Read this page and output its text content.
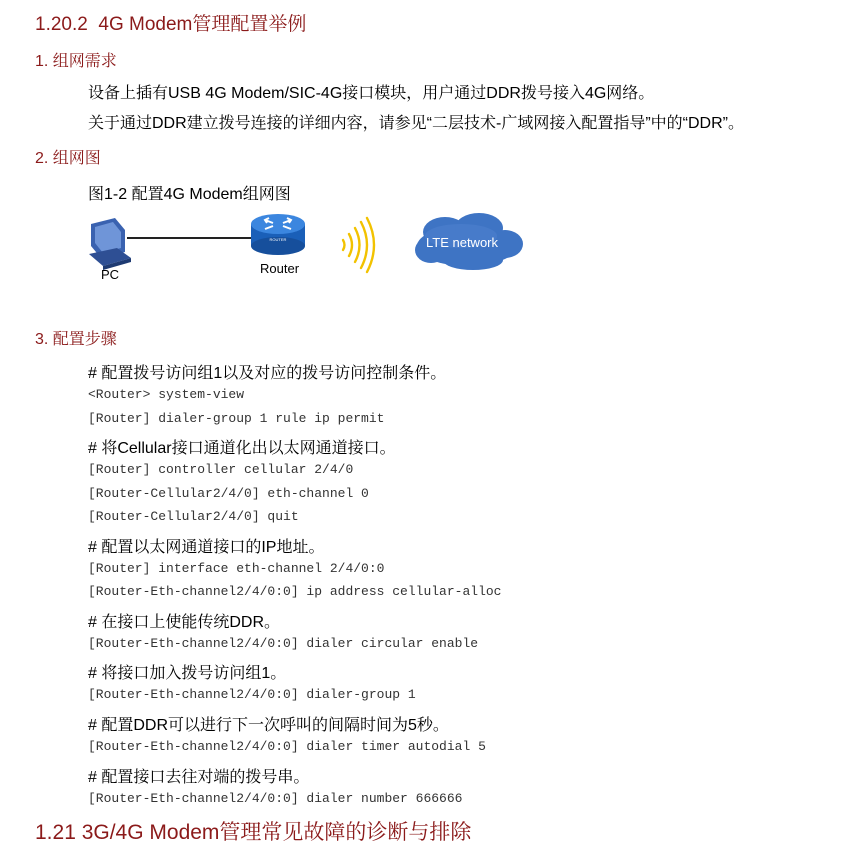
1.20.2 4G Modem管理配置举例
1. 组网需求
设备上插有USB 4G Modem/SIC-4G接口模块，用户通过DDR拨号接入4G网络。
关于通过DDR建立拨号连接的详细内容，请参见“二层技术-广域网接入配置指导”中的“DDR”。
2. 组网图
图1-2 配置4G Modem组网图
PC
ROUTER
Router
LTE network
3. 配置步骤
# 配置拨号访问组1以及对应的拨号访问控制条件。
<Router> system-view
[Router] dialer-group 1 rule ip permit
# 将Cellular接口通道化出以太网通道接口。
[Router] controller cellular 2/4/0
[Router-Cellular2/4/0] eth-channel 0
[Router-Cellular2/4/0] quit
# 配置以太网通道接口的IP地址。
[Router] interface eth-channel 2/4/0:0
[Router-Eth-channel2/4/0:0] ip address cellular-alloc
# 在接口上使能传统DDR。
[Router-Eth-channel2/4/0:0] dialer circular enable
# 将接口加入拨号访问组1。
[Router-Eth-channel2/4/0:0] dialer-group 1
# 配置DDR可以进行下一次呼叫的间隔时间为5秒。
[Router-Eth-channel2/4/0:0] dialer timer autodial 5
# 配置接口去往对端的拨号串。
[Router-Eth-channel2/4/0:0] dialer number 666666
1.21 3G/4G Modem管理常见故障的诊断与排除
